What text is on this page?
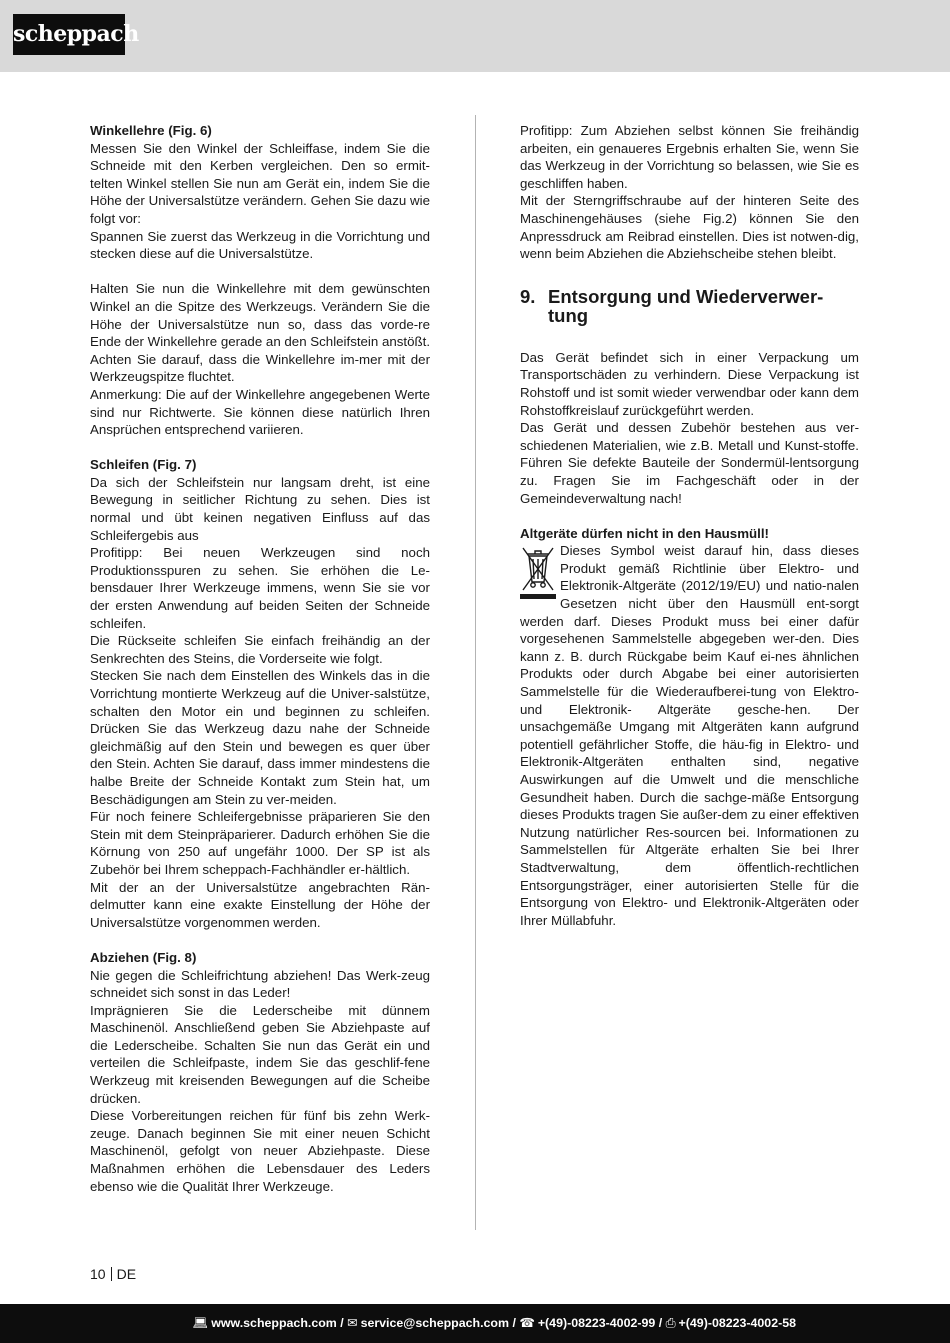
scheppach

Winkellehre (Fig. 6)

Messen Sie den Winkel der Schleiffase, indem Sie die Schneide mit den Kerben vergleichen. Den so ermit-telten Winkel stellen Sie nun am Gerät ein, indem Sie die Höhe der Universalstütze verändern. Gehen Sie dazu wie folgt vor:

Spannen Sie zuerst das Werkzeug in die Vorrichtung und stecken diese auf die Universalstütze.

Halten Sie nun die Winkellehre mit dem gewünschten Winkel an die Spitze des Werkzeugs. Verändern Sie die Höhe der Universalstütze nun so, dass das vorde-re Ende der Winkellehre gerade an den Schleifstein anstößt. Achten Sie darauf, dass die Winkellehre im-mer mit der Werkzeugspitze fluchtet.

Anmerkung: Die auf der Winkellehre angegebenen Werte sind nur Richtwerte. Sie können diese natürlich Ihren Ansprüchen entsprechend variieren.

Schleifen (Fig. 7)

Da sich der Schleifstein nur langsam dreht, ist eine Bewegung in seitlicher Richtung zu sehen. Dies ist normal und übt keinen negativen Einfluss auf das Schleifergebis aus

Profitipp: Bei neuen Werkzeugen sind noch Produktionsspuren zu sehen. Sie erhöhen die Le-bensdauer Ihrer Werkzeuge immens, wenn Sie sie vor der ersten Anwendung auf beiden Seiten der Schneide schleifen.

Die Rückseite schleifen Sie einfach freihändig an der Senkrechten des Steins, die Vorderseite wie folgt.

Stecken Sie nach dem Einstellen des Winkels das in die Vorrichtung montierte Werkzeug auf die Univer-salstütze, schalten den Motor ein und beginnen zu schleifen. Drücken Sie das Werkzeug dazu nahe der Schneide gleichmäßig auf den Stein und bewegen es quer über den Stein. Achten Sie darauf, dass immer mindestens die halbe Breite der Schneide Kontakt zum Stein hat, um Beschädigungen am Stein zu ver-meiden.

Für noch feinere Schleifergebnisse präparieren Sie den Stein mit dem Steinpräparierer. Dadurch erhöhen Sie die Körnung von 250 auf ungefähr 1000. Der SP ist als Zubehör bei Ihrem scheppach-Fachhändler er-hältlich.

Mit der an der Universalstütze angebrachten Rän-delmutter kann eine exakte Einstellung der Höhe der Universalstütze vorgenommen werden.

Abziehen (Fig. 8)

Nie gegen die Schleifrichtung abziehen! Das Werk-zeug schneidet sich sonst in das Leder!

Imprägnieren Sie die Lederscheibe mit dünnem Maschinenöl. Anschließend geben Sie Abziehpaste auf die Lederscheibe. Schalten Sie nun das Gerät ein und verteilen die Schleifpaste, indem Sie das geschlif-fene Werkzeug mit kreisenden Bewegungen auf die Scheibe drücken.

Diese Vorbereitungen reichen für fünf bis zehn Werk-zeuge. Danach beginnen Sie mit einer neuen Schicht Maschinenöl, gefolgt von neuer Abziehpaste. Diese Maßnahmen erhöhen die Lebensdauer des Leders ebenso wie die Qualität Ihrer Werkzeuge.

Profitipp: Zum Abziehen selbst können Sie freihändig arbeiten, ein genaueres Ergebnis erhalten Sie, wenn Sie das Werkzeug in der Vorrichtung so belassen, wie Sie es geschliffen haben.

Mit der Sterngriffschraube auf der hinteren Seite des Maschinengehäuses (siehe Fig.2) können Sie den Anpressdruck am Reibrad einstellen. Dies ist notwen-dig, wenn beim Abziehen die Abziehscheibe stehen bleibt.

9. Entsorgung und Wiederverwer-tung

Das Gerät befindet sich in einer Verpackung um Transportschäden zu verhindern. Diese Verpackung ist Rohstoff und ist somit wieder verwendbar oder kann dem Rohstoffkreislauf zurückgeführt werden.

Das Gerät und dessen Zubehör bestehen aus ver-schiedenen Materialien, wie z.B. Metall und Kunst-stoffe. Führen Sie defekte Bauteile der Sondermül-lentsorgung zu. Fragen Sie im Fachgeschäft oder in der Gemeindeverwaltung nach!

Altgeräte dürfen nicht in den Hausmüll!

Dieses Symbol weist darauf hin, dass dieses Produkt gemäß Richtlinie über Elektro- und Elektronik-Altgeräte (2012/19/EU) und natio-nalen Gesetzen nicht über den Hausmüll ent-sorgt werden darf. Dieses Produkt muss bei einer dafür vorgesehenen Sammelstelle abgegeben wer-den. Dies kann z. B. durch Rückgabe beim Kauf ei-nes ähnlichen Produkts oder durch Abgabe bei einer autorisierten Sammelstelle für die Wiederaufberei-tung von Elektro- und Elektronik- Altgeräte gesche-hen. Der unsachgemäße Umgang mit Altgeräten kann aufgrund potentiell gefährlicher Stoffe, die häu-fig in Elektro- und Elektronik-Altgeräten enthalten sind, negative Auswirkungen auf die Umwelt und die menschliche Gesundheit haben. Durch die sachge-mäße Entsorgung dieses Produkts tragen Sie außer-dem zu einer effektiven Nutzung natürlicher Res-sourcen bei. Informationen zu Sammelstellen für Altgeräte erhalten Sie bei Ihrer Stadtverwaltung, dem öffentlich-rechtlichen Entsorgungsträger, einer autorisierten Stelle für die Entsorgung von Elektro- und Elektronik-Altgeräten oder Ihrer Müllabfuhr.

10 DE
💻︎ www.scheppach.com / ✉ service@scheppach.com / ☎ +(49)-08223-4002-99 / ⎙ +(49)-08223-4002-58
